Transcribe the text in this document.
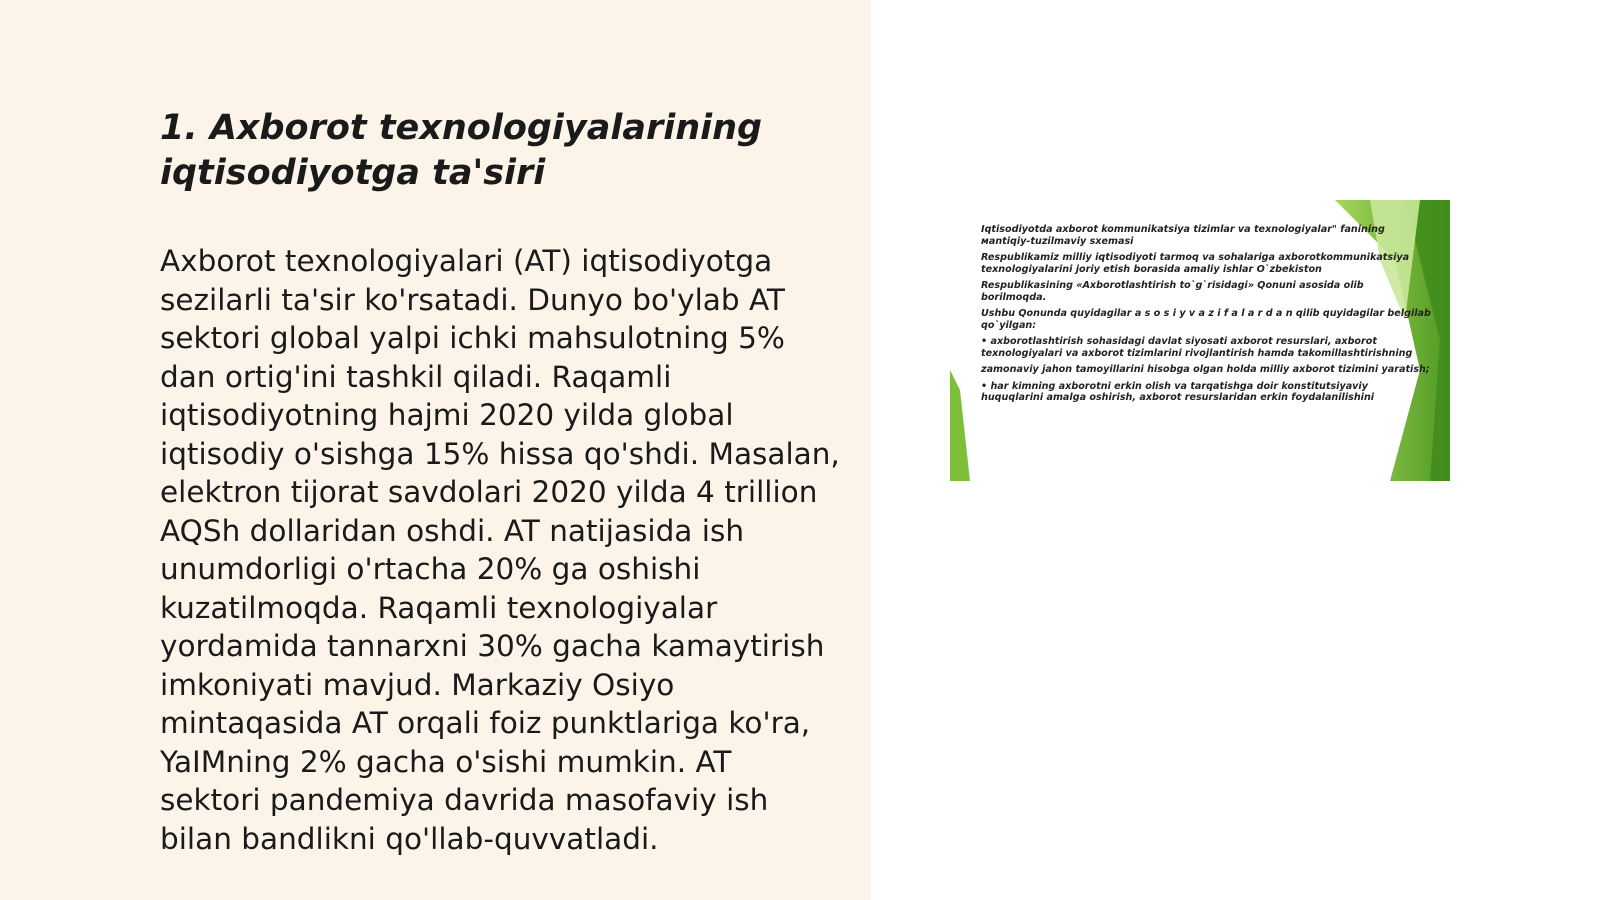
1. Axborot texnologiyalarining iqtisodiyotga ta'siri

Axborot texnologiyalari (AT) iqtisodiyotga sezilarli ta'sir ko'rsatadi. Dunyo bo'ylab AT sektori global yalpi ichki mahsulotning 5% dan ortig'ini tashkil qiladi. Raqamli iqtisodiyotning hajmi 2020 yilda global iqtisodiy o'sishga 15% hissa qo'shdi. Masalan, elektron tijorat savdolari 2020 yilda 4 trillion AQSh dollaridan oshdi. AT natijasida ish unumdorligi o'rtacha 20% ga oshishi kuzatilmoqda. Raqamli texnologiyalar yordamida tannarxni 30% gacha kamaytirish imkoniyati mavjud. Markaziy Osiyo mintaqasida AT orqali foiz punktlariga ko'ra, YaIMning 2% gacha o'sishi mumkin. AT sektori pandemiya davrida masofaviy ish bilan bandlikni qo'llab-quvvatladi.

Iqtisodiyotda axborot kommunikatsiya tizimlar va texnologiyalar" fanining мantiqiy-tuzilmaviy sxemasi
Respublikamiz milliy iqtisodiyoti tarmoq va sohalariga axborotkommunikatsiya texnologiyalarini joriy etish borasida amaliy ishlar O`zbekiston
Respublikasining «Axborotlashtirish to`g`risidagi» Qonuni asosida olib borilmoqda.
Ushbu Qonunda quyidagilar a s o s i y v a z i f a l a r d a n qilib quyidagilar belgilab qo`yilgan:
• axborotlashtirish sohasidagi davlat siyosati axborot resurslari, axborot texnologiyalari va axborot tizimlarini rivojlantirish hamda takomillashtirishning
zamonaviy jahon tamoyillarini hisobga olgan holda milliy axborot tizimini yaratish;
• har kimning axborotni erkin olish va tarqatishga doir konstitutsiyaviy huquqlarini amalga oshirish, axborot resurslaridan erkin foydalanilishini
